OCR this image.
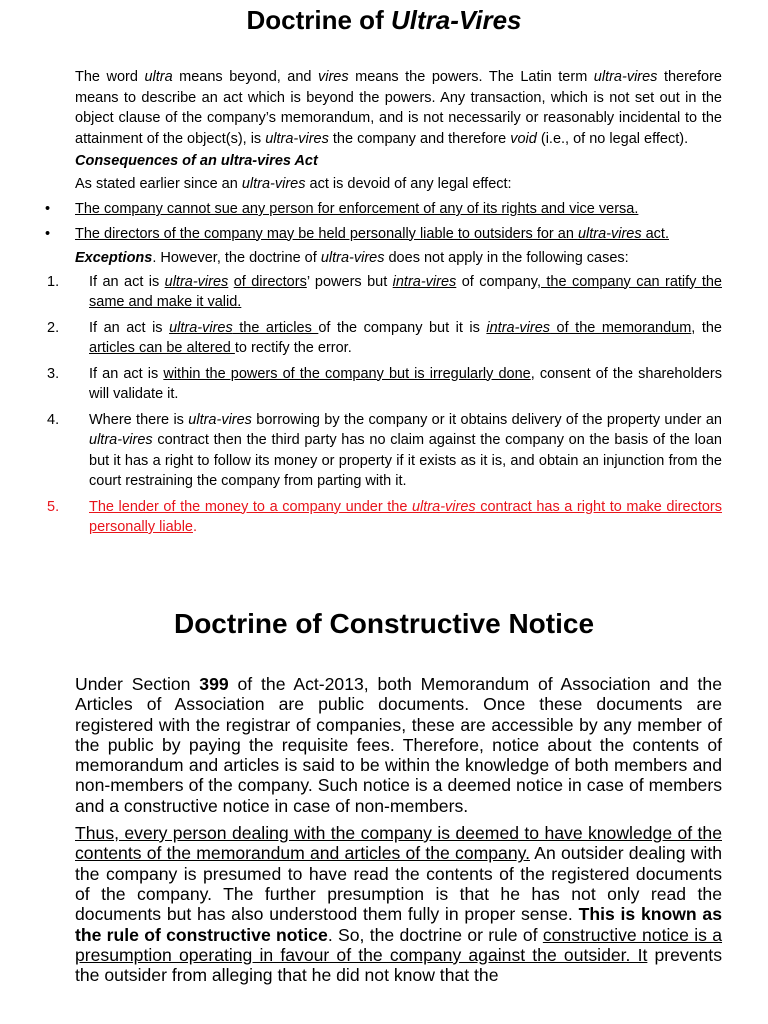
Doctrine of Ultra-Vires

The word ultra means beyond, and vires means the powers. The Latin term ultra-vires therefore means to describe an act which is beyond the powers. Any transaction, which is not set out in the object clause of the company’s memorandum, and is not necessarily or reasonably incidental to the attainment of the object(s), is ultra-vires the company and therefore void (i.e., of no legal effect).

Consequences of an ultra-vires Act

As stated earlier since an ultra-vires act is devoid of any legal effect:

• The company cannot sue any person for enforcement of any of its rights and vice versa.

• The directors of the company may be held personally liable to outsiders for an ultra-vires act.

Exceptions. However, the doctrine of ultra-vires does not apply in the following cases:

1. If an act is ultra-vires of directors’ powers but intra-vires of company, the company can ratify the same and make it valid.

2. If an act is ultra-vires the articles of the company but it is intra-vires of the memorandum, the articles can be altered to rectify the error.

3. If an act is within the powers of the company but is irregularly done, consent of the shareholders will validate it.

4. Where there is ultra-vires borrowing by the company or it obtains delivery of the property under an ultra-vires contract then the third party has no claim against the company on the basis of the loan but it has a right to follow its money or property if it exists as it is, and obtain an injunction from the court restraining the company from parting with it.

5. The lender of the money to a company under the ultra-vires contract has a right to make directors personally liable.

Doctrine of Constructive Notice

Under Section 399 of the Act-2013, both Memorandum of Association and the Articles of Association are public documents. Once these documents are registered with the registrar of companies, these are accessible by any member of the public by paying the requisite fees. Therefore, notice about the contents of memorandum and articles is said to be within the knowledge of both members and non-members of the company. Such notice is a deemed notice in case of members and a constructive notice in case of non-members.

Thus, every person dealing with the company is deemed to have knowledge of the contents of the memorandum and articles of the company. An outsider dealing with the company is presumed to have read the contents of the registered documents of the company. The further presumption is that he has not only read the documents but has also understood them fully in proper sense. This is known as the rule of constructive notice. So, the doctrine or rule of constructive notice is a presumption operating in favour of the company against the outsider. It prevents the outsider from alleging that he did not know that the
